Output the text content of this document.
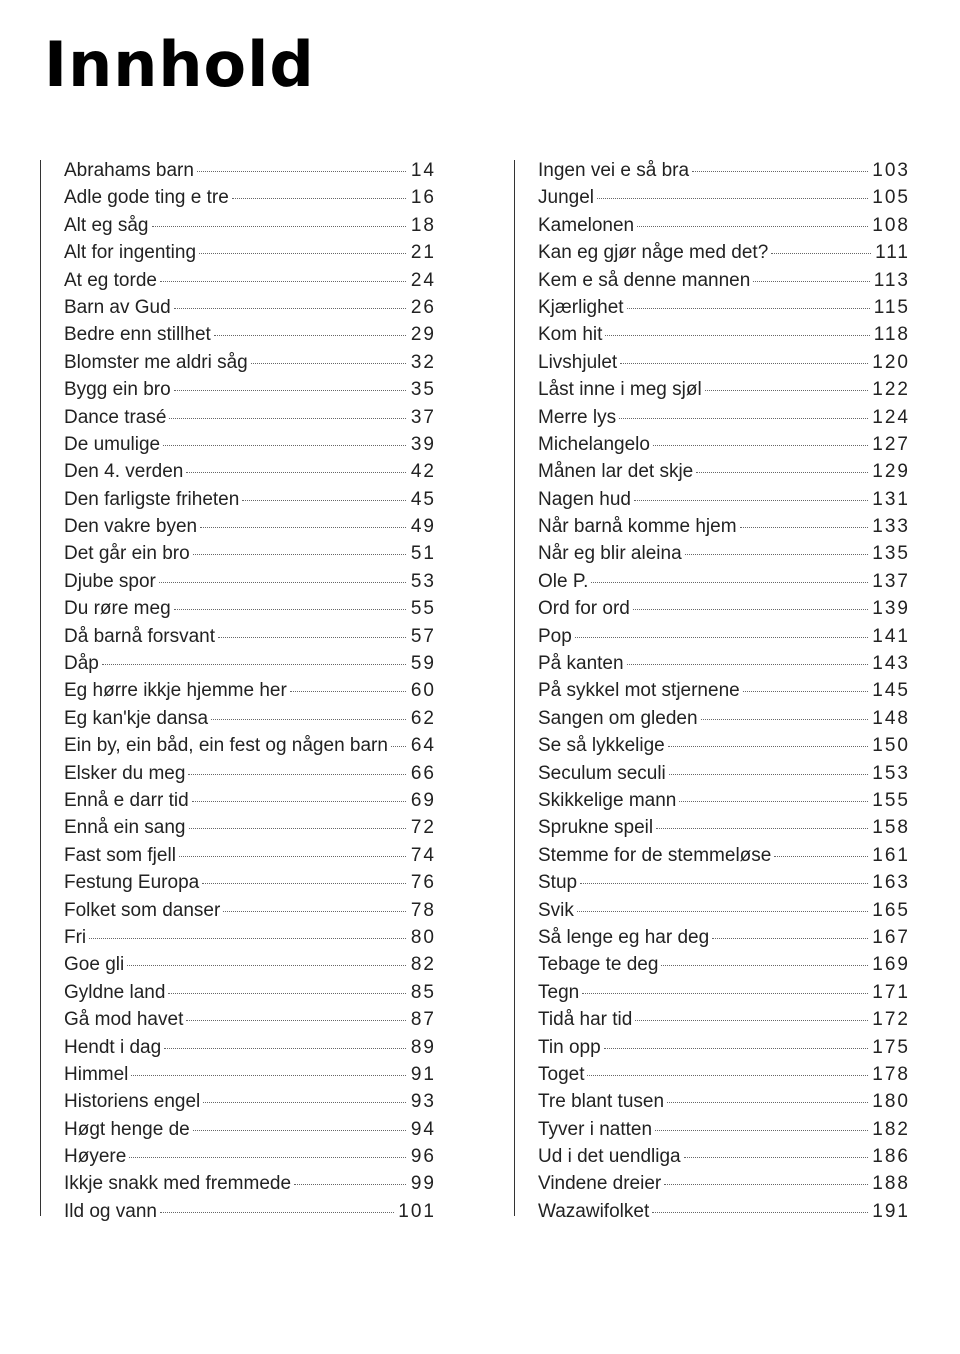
Innhold
Abrahams barn	14
Adle gode ting e tre	16
Alt eg såg	18
Alt for ingenting	21
At eg torde	24
Barn av Gud	26
Bedre enn stillhet	29
Blomster me aldri såg	32
Bygg ein bro	35
Dance trasé	37
De umulige	39
Den 4. verden	42
Den farligste friheten	45
Den vakre byen	49
Det går ein bro	51
Djube spor	53
Du røre meg	55
Då barnå forsvant	57
Dåp	59
Eg hørre ikkje hjemme her	60
Eg kan'kje dansa	62
Ein by, ein båd, ein fest og någen barn 64
Elsker du meg	66
Ennå e darr tid	69
Ennå ein sang	72
Fast som fjell	74
Festung Europa	76
Folket som danser	78
Fri	80
Goe gli	82
Gyldne land	85
Gå mod havet	87
Hendt i dag	89
Himmel	91
Historiens engel	93
Høgt henge de	94
Høyere	96
Ikkje snakk med fremmede	99
Ild og vann	101
Ingen vei e så bra	103
Jungel	105
Kamelonen	108
Kan eg gjør någe med det?	111
Kem e så denne mannen	113
Kjærlighet	115
Kom hit	118
Livshjulet	120
Låst inne i meg sjøl	122
Merre lys	124
Michelangelo	127
Månen lar det skje	129
Nagen hud	131
Når barnå komme hjem	133
Når eg blir aleina	135
Ole P.	137
Ord for ord	139
Pop	141
På kanten	143
På sykkel mot stjernene	145
Sangen om gleden	148
Se så lykkelige	150
Seculum seculi	153
Skikkelige mann	155
Sprukne speil	158
Stemme for de stemmeløse	161
Stup	163
Svik	165
Så lenge eg har deg	167
Tebage te deg	169
Tegn	171
Tidå har tid	172
Tin opp	175
Toget	178
Tre blant tusen	180
Tyver i natten	182
Ud i det uendliga	186
Vindene dreier	188
Wazawifolket	191
